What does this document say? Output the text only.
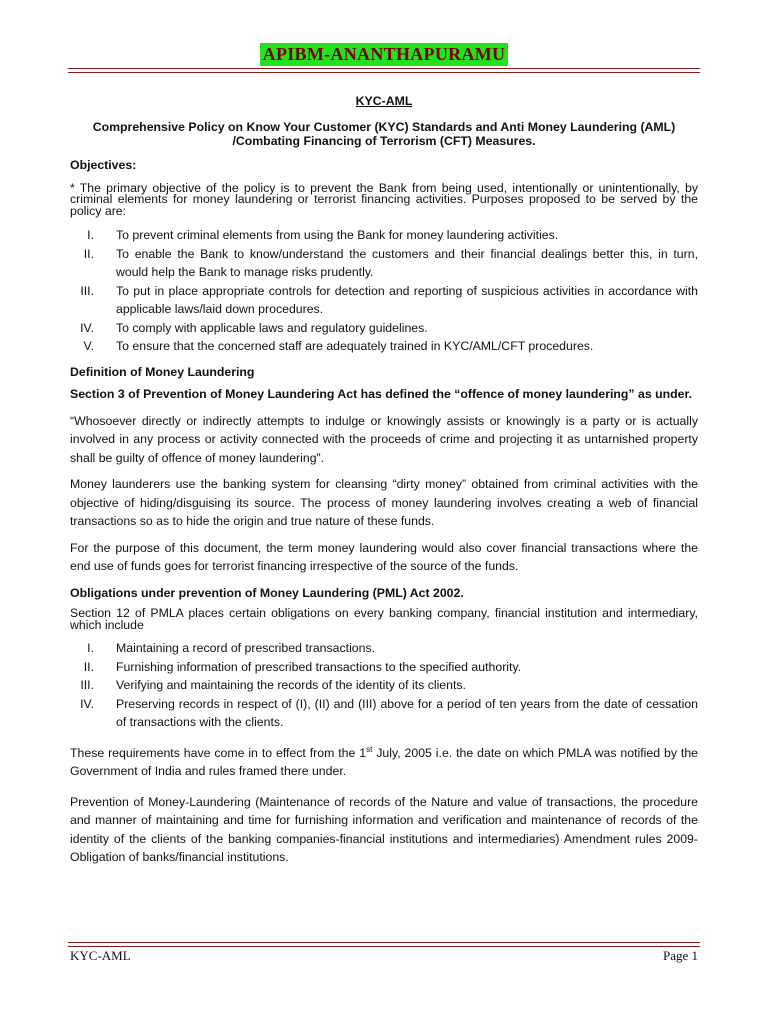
APIBM-ANANTHAPURAMU

KYC-AML

Comprehensive Policy on Know Your Customer (KYC) Standards and Anti Money Laundering (AML)
/Combating Financing of Terrorism (CFT) Measures.

Objectives:

* The primary objective of the policy is to prevent the Bank from being used, intentionally or unintentionally, by criminal elements for money laundering or terrorist financing activities. Purposes proposed to be served by the policy are:

I. To prevent criminal elements from using the Bank for money laundering activities.
II. To enable the Bank to know/understand the customers and their financial dealings better this, in turn, would help the Bank to manage risks prudently.
III. To put in place appropriate controls for detection and reporting of suspicious activities in accordance with applicable laws/laid down procedures.
IV. To comply with applicable laws and regulatory guidelines.
V. To ensure that the concerned staff are adequately trained in KYC/AML/CFT procedures.

Definition of Money Laundering

Section 3 of Prevention of Money Laundering Act has defined the “offence of money laundering” as under.

“Whosoever directly or indirectly attempts to indulge or knowingly assists or knowingly is a party or is actually involved in any process or activity connected with the proceeds of crime and projecting it as untarnished property shall be guilty of offence of money laundering”.

Money launderers use the banking system for cleansing “dirty money” obtained from criminal activities with the objective of hiding/disguising its source. The process of money laundering involves creating a web of financial transactions so as to hide the origin and true nature of these funds.

For the purpose of this document, the term money laundering would also cover financial transactions where the end use of funds goes for terrorist financing irrespective of the source of the funds.

Obligations under prevention of Money Laundering (PML) Act 2002.

Section 12 of PMLA places certain obligations on every banking company, financial institution and intermediary, which include

I. Maintaining a record of prescribed transactions.
II. Furnishing information of prescribed transactions to the specified authority.
III. Verifying and maintaining the records of the identity of its clients.
IV. Preserving records in respect of (I), (II) and (III) above for a period of ten years from the date of cessation of transactions with the clients.

These requirements have come in to effect from the 1st July, 2005 i.e. the date on which PMLA was notified by the Government of India and rules framed there under.

Prevention of Money-Laundering (Maintenance of records of the Nature and value of transactions, the procedure and manner of maintaining and time for furnishing information and verification and maintenance of records of the identity of the clients of the banking companies-financial institutions and intermediaries) Amendment rules 2009-Obligation of banks/financial institutions.

KYC-AML	Page 1
